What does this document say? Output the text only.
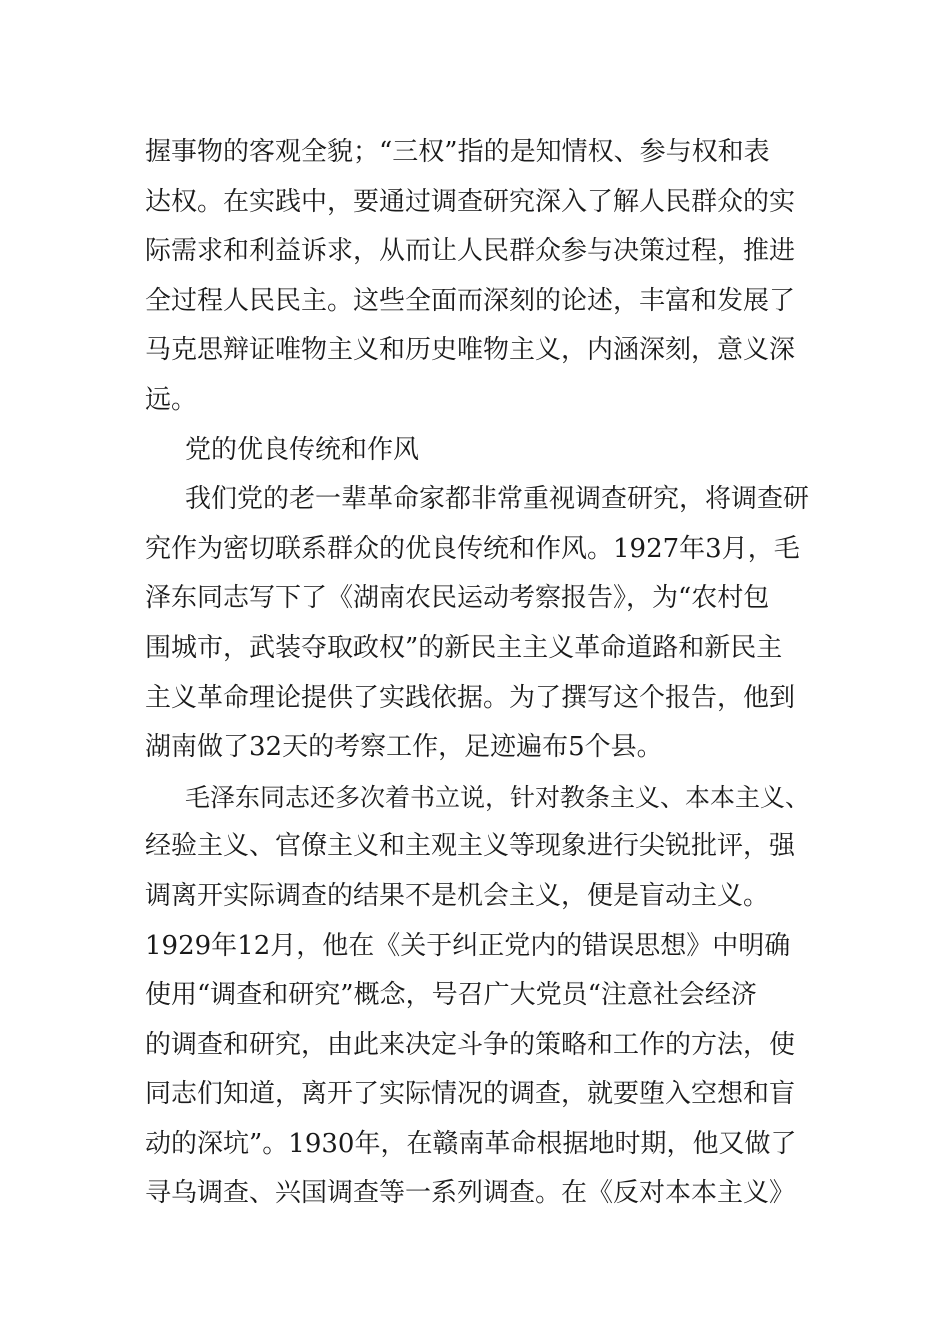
握事物的客观全貌；“三权”指的是知情权、参与权和表
达权。在实践中，要通过调查研究深入了解人民群众的实
际需求和利益诉求，从而让人民群众参与决策过程，推进
全过程人民民主。这些全面而深刻的论述，丰富和发展了
马克思辩证唯物主义和历史唯物主义，内涵深刻，意义深
远。
党的优良传统和作风
我们党的老一辈革命家都非常重视调查研究，将调查研
究作为密切联系群众的优良传统和作风。1927年3月，毛
泽东同志写下了《湖南农民运动考察报告》，为“农村包
围城市，武装夺取政权”的新民主主义革命道路和新民主
主义革命理论提供了实践依据。为了撰写这个报告，他到
湖南做了32天的考察工作，足迹遍布5个县。
毛泽东同志还多次着书立说，针对教条主义、本本主义、
经验主义、官僚主义和主观主义等现象进行尖锐批评，强
调离开实际调查的结果不是机会主义，便是盲动主义。
1929年12月，他在《关于纠正党内的错误思想》中明确
使用“调查和研究”概念，号召广大党员“注意社会经济
的调查和研究，由此来决定斗争的策略和工作的方法，使
同志们知道，离开了实际情况的调查，就要堕入空想和盲
动的深坑”。1930年，在赣南革命根据地时期，他又做了
寻乌调查、兴国调查等一系列调查。在《反对本本主义》
